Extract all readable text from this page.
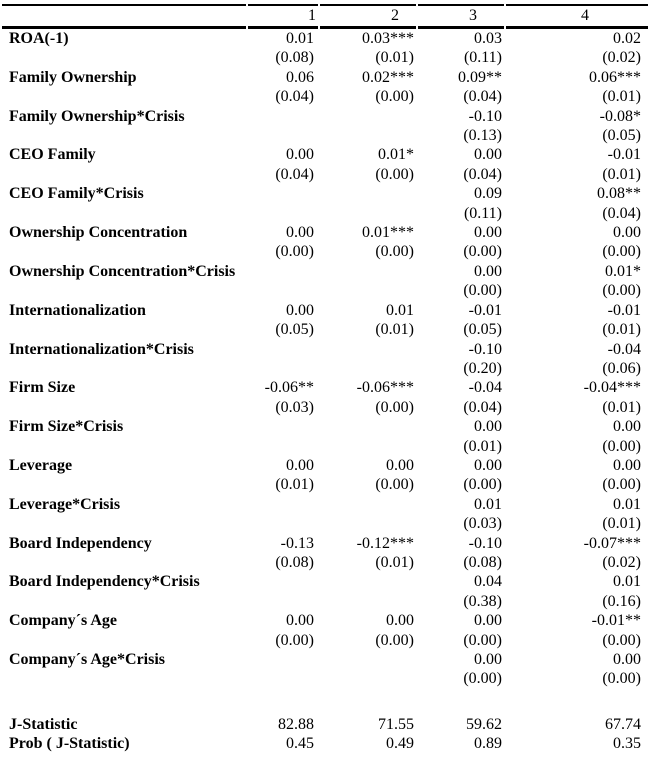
	1	2	3	4
ROA(-1)	0.01	0.03***	0.03	0.02
	(0.08)	(0.01)	(0.11)	(0.02)
Family Ownership	0.06	0.02***	0.09**	0.06***
	(0.04)	(0.00)	(0.04)	(0.01)
Family Ownership*Crisis			-0.10	-0.08*
			(0.13)	(0.05)
CEO Family	0.00	0.01*	0.00	-0.01
	(0.04)	(0.00)	(0.04)	(0.01)
CEO Family*Crisis			0.09	0.08**
			(0.11)	(0.04)
Ownership Concentration	0.00	0.01***	0.00	0.00
	(0.00)	(0.00)	(0.00)	(0.00)
Ownership Concentration*Crisis			0.00	0.01*
			(0.00)	(0.00)
Internationalization	0.00	0.01	-0.01	-0.01
	(0.05)	(0.01)	(0.05)	(0.01)
Internationalization*Crisis			-0.10	-0.04
			(0.20)	(0.06)
Firm Size	-0.06**	-0.06***	-0.04	-0.04***
	(0.03)	(0.00)	(0.04)	(0.01)
Firm Size*Crisis			0.00	0.00
			(0.01)	(0.00)
Leverage	0.00	0.00	0.00	0.00
	(0.01)	(0.00)	(0.00)	(0.00)
Leverage*Crisis			0.01	0.01
			(0.03)	(0.01)
Board Independency	-0.13	-0.12***	-0.10	-0.07***
	(0.08)	(0.01)	(0.08)	(0.02)
Board Independency*Crisis			0.04	0.01
			(0.38)	(0.16)
Company´s Age	0.00	0.00	0.00	-0.01**
	(0.00)	(0.00)	(0.00)	(0.00)
Company´s Age*Crisis			0.00	0.00
			(0.00)	(0.00)

J-Statistic	82.88	71.55	59.62	67.74
Prob ( J-Statistic)	0.45	0.49	0.89	0.35
